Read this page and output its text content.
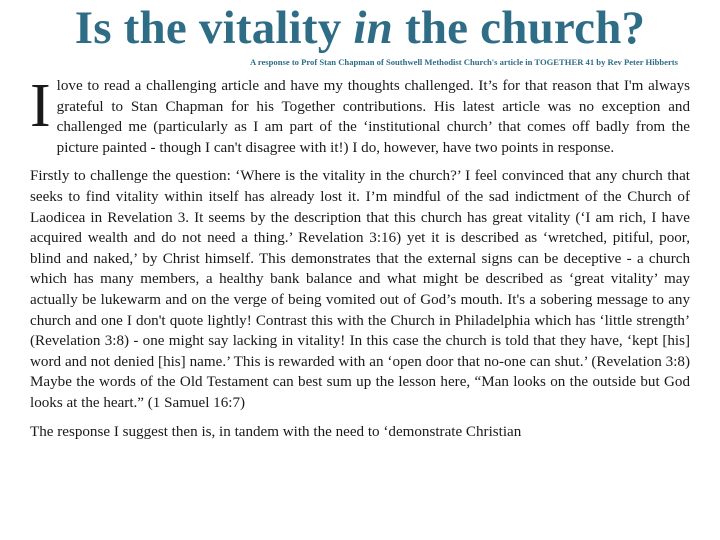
Is the vitality in the church?
A response to Prof Stan Chapman of Southwell Methodist Church's article in TOGETHER 41 by Rev Peter Hibberts

Ilove to read a challenging article and have my thoughts challenged. It’s for that reason that I'm always grateful to Stan Chapman for his Together contributions. His latest article was no exception and challenged me (particularly as I am part of the ‘institutional church’ that comes off badly from the picture painted - though I can't disagree with it!) I do, however, have two points in response.

Firstly to challenge the question: ‘Where is the vitality in the church?’ I feel convinced that any church that seeks to find vitality within itself has already lost it. I’m mindful of the sad indictment of the Church of Laodicea in Revelation 3. It seems by the description that this church has great vitality (‘I am rich, I have acquired wealth and do not need a thing.’ Revelation 3:16) yet it is described as ‘wretched, pitiful, poor, blind and naked,’ by Christ himself. This demonstrates that the external signs can be deceptive - a church which has many members, a healthy bank balance and what might be described as ‘great vitality’ may actually be lukewarm and on the verge of being vomited out of God’s mouth. It's a sobering message to any church and one I don't quote lightly! Contrast this with the Church in Philadelphia which has ‘little strength’ (Revelation 3:8) - one might say lacking in vitality! In this case the church is told that they have, ‘kept [his] word and not denied [his] name.’ This is rewarded with an ‘open door that no-one can shut.’ (Revelation 3:8) Maybe the words of the Old Testament can best sum up the lesson here, “Man looks on the outside but God looks at the heart.” (1 Samuel 16:7)

The response I suggest then is, in tandem with the need to ‘demonstrate Christian
